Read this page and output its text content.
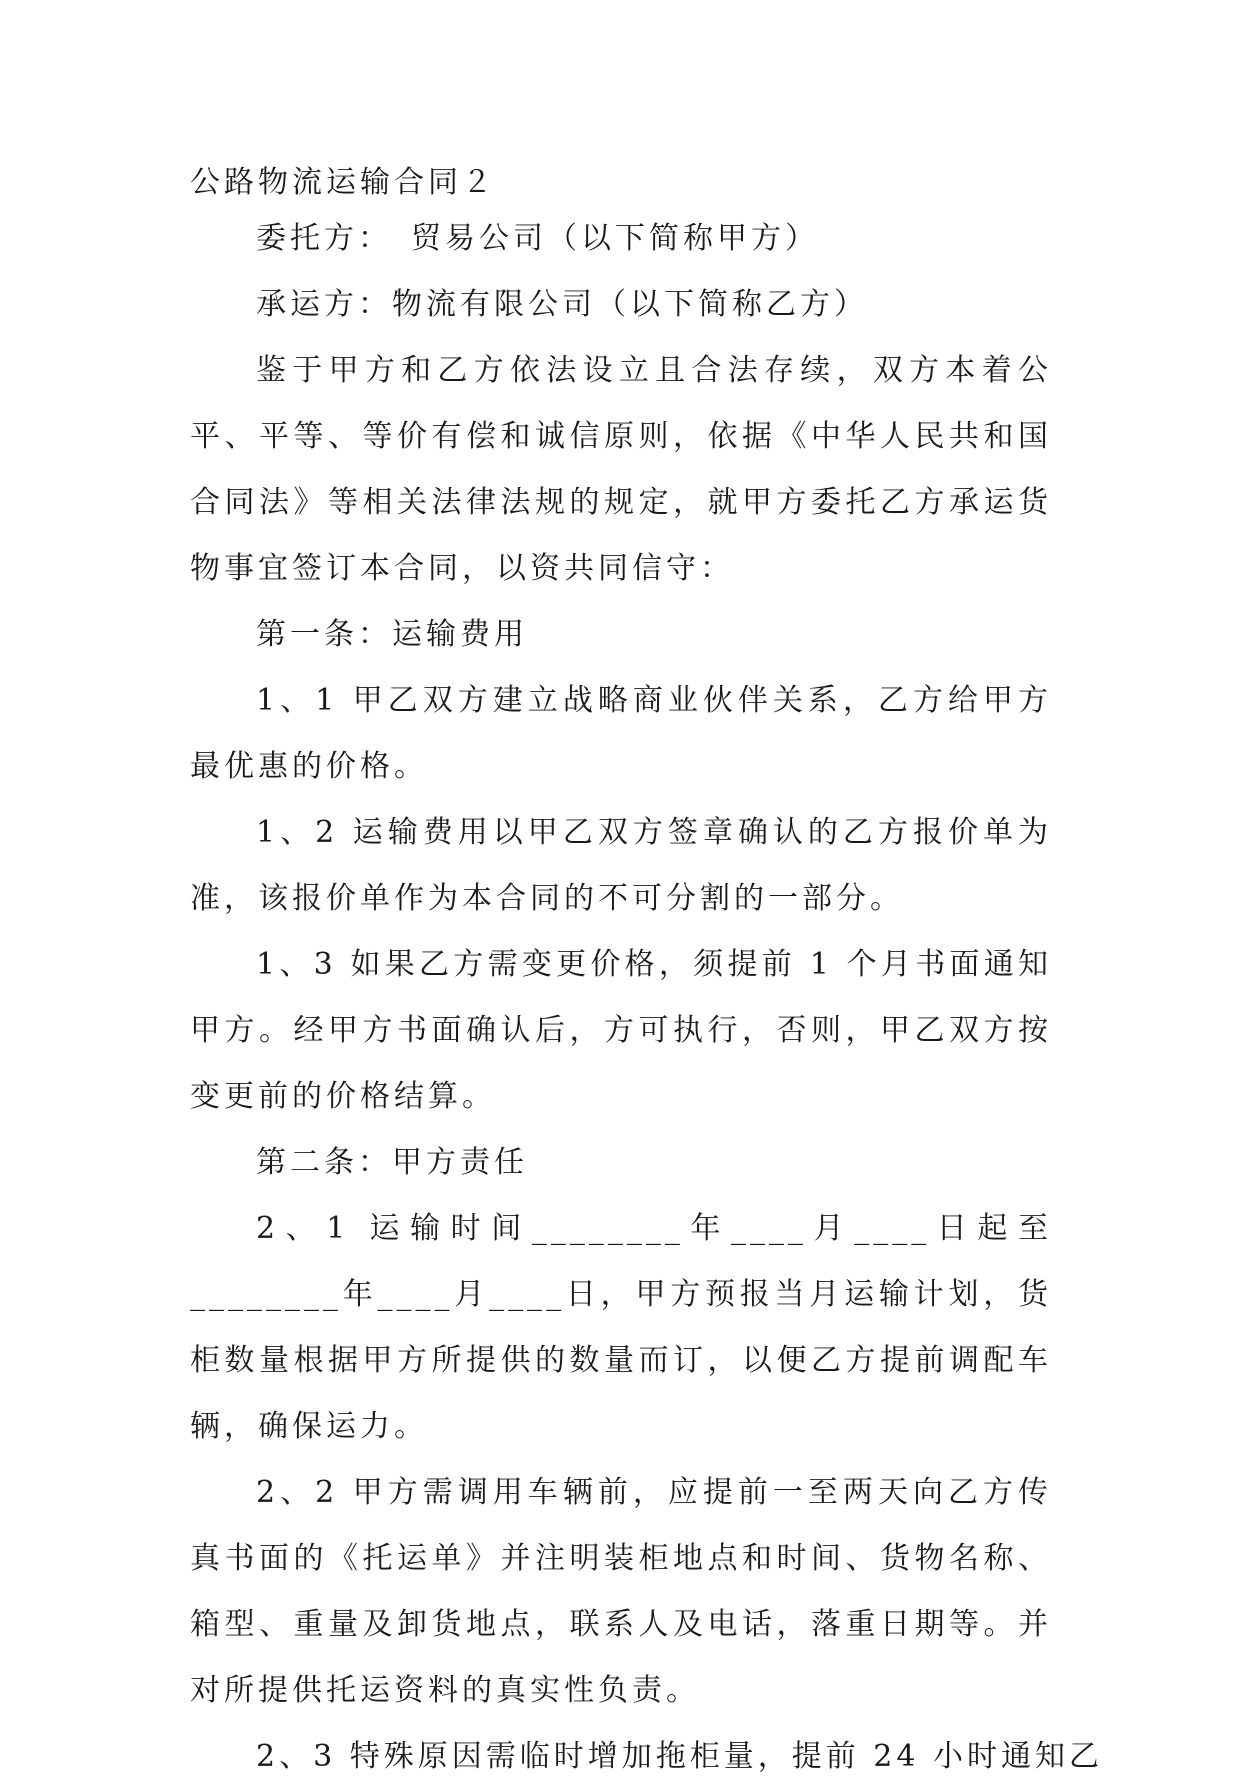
公路物流运输合同２

委托方：　贸易公司（以下简称甲方）

承运方：物流有限公司（以下简称乙方）

鉴于甲方和乙方依法设立且合法存续，双方本着公平、平等、等价有偿和诚信原则，依据《中华人民共和国合同法》等相关法律法规的规定，就甲方委托乙方承运货物事宜签订本合同，以资共同信守：

第一条：运输费用

1、1 甲乙双方建立战略商业伙伴关系，乙方给甲方最优惠的价格。

1、2 运输费用以甲乙双方签章确认的乙方报价单为准，该报价单作为本合同的不可分割的一部分。

1、3 如果乙方需变更价格，须提前 1 个月书面通知甲方。经甲方书面确认后，方可执行，否则，甲乙双方按变更前的价格结算。

第二条：甲方责任

2、1 运输时间________年____月____日起至________年____月____日，甲方预报当月运输计划，货柜数量根据甲方所提供的数量而订，以便乙方提前调配车辆，确保运力。

2、2 甲方需调用车辆前，应提前一至两天向乙方传真书面的《托运单》并注明装柜地点和时间、货物名称、箱型、重量及卸货地点，联系人及电话，落重日期等。并对所提供托运资料的真实性负责。

2、3 特殊原因需临时增加拖柜量，提前 24 小时通知乙
